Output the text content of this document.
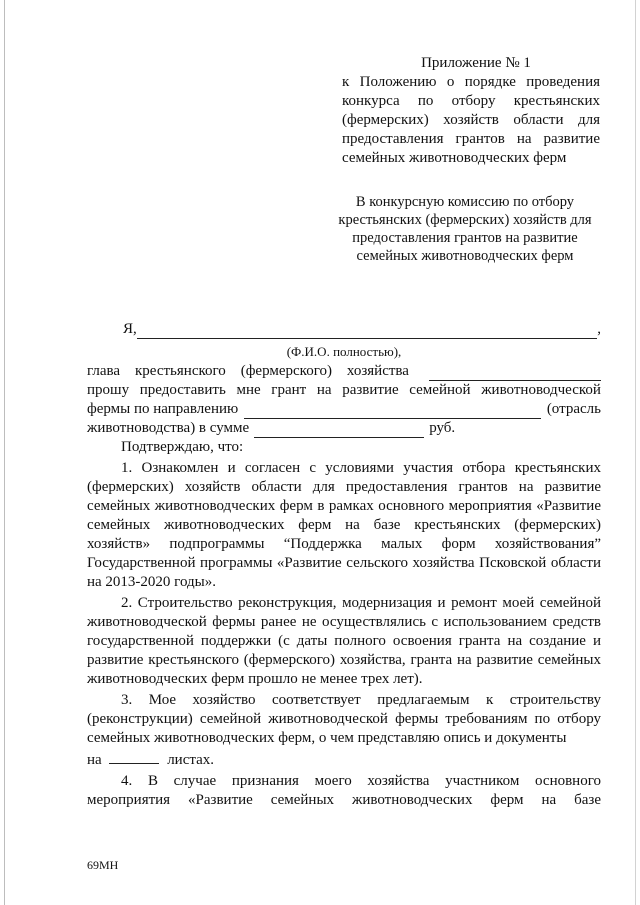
Приложение № 1
к Положению о порядке проведения конкурса по отбору крестьянских (фермерских) хозяйств области для предоставления грантов на развитие семейных животноводческих ферм
В конкурсную комиссию по отбору
крестьянских (фермерских) хозяйств для
предоставления грантов на развитие
семейных животноводческих ферм
Я,	,
(Ф.И.О. полностью),
глава крестьянского (фермерского) хозяйства
прошу предоставить мне грант на развитие семейной животноводческой
фермы по направлению	(отрасль
животноводства) в сумме	руб.
Подтверждаю, что:

1. Ознакомлен и согласен с условиями участия отбора крестьянских (фермерских) хозяйств области для предоставления грантов на развитие семейных животноводческих ферм в рамках основного мероприятия «Развитие семейных животноводческих ферм на базе крестьянских (фермерских) хозяйств» подпрограммы “Поддержка малых форм хозяйствования” Государственной программы «Развитие сельского хозяйства Псковской области на 2013-2020 годы».

2. Строительство реконструкция, модернизация и ремонт моей семейной животноводческой фермы ранее не осуществлялись с использованием средств государственной поддержки (с даты полного освоения гранта на создание и развитие крестьянского (фермерского) хозяйства, гранта на развитие семейных животноводческих ферм прошло не менее трех лет).

3. Мое хозяйство соответствует предлагаемым к строительству (реконструкции) семейной животноводческой фермы требованиям по отбору семейных животноводческих ферм, о чем представляю опись и документы
на	листах.

4. В случае признания моего хозяйства участником основного мероприятия «Развитие семейных животноводческих ферм на базе

69МН
